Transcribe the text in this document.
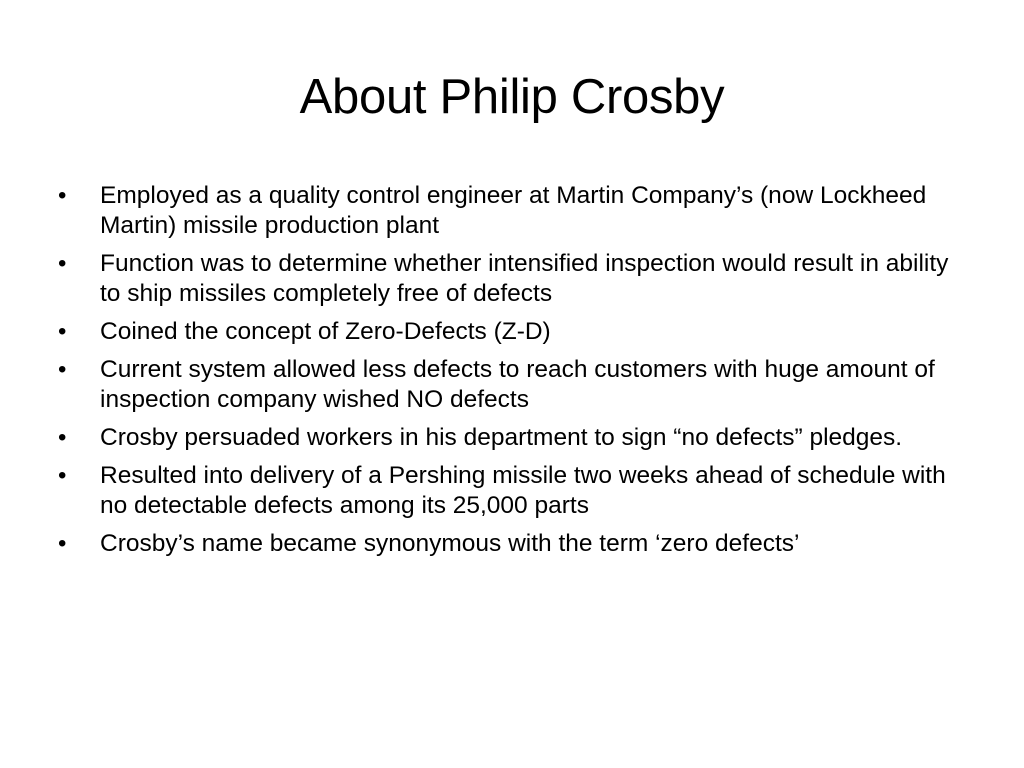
About Philip Crosby
•	Employed as a quality control engineer at Martin Company’s (now Lockheed Martin) missile production plant
•	Function was to determine whether intensified inspection would result in ability to ship missiles completely free of defects
•	Coined the concept of Zero-Defects (Z-D)
•	Current system allowed less defects to reach customers with huge amount of inspection company wished NO defects
•	Crosby persuaded workers in his department to sign “no defects” pledges.
•	Resulted into delivery of a Pershing missile two weeks ahead of schedule with no detectable defects among its 25,000 parts
•	Crosby’s name became synonymous with the term ‘zero defects’
